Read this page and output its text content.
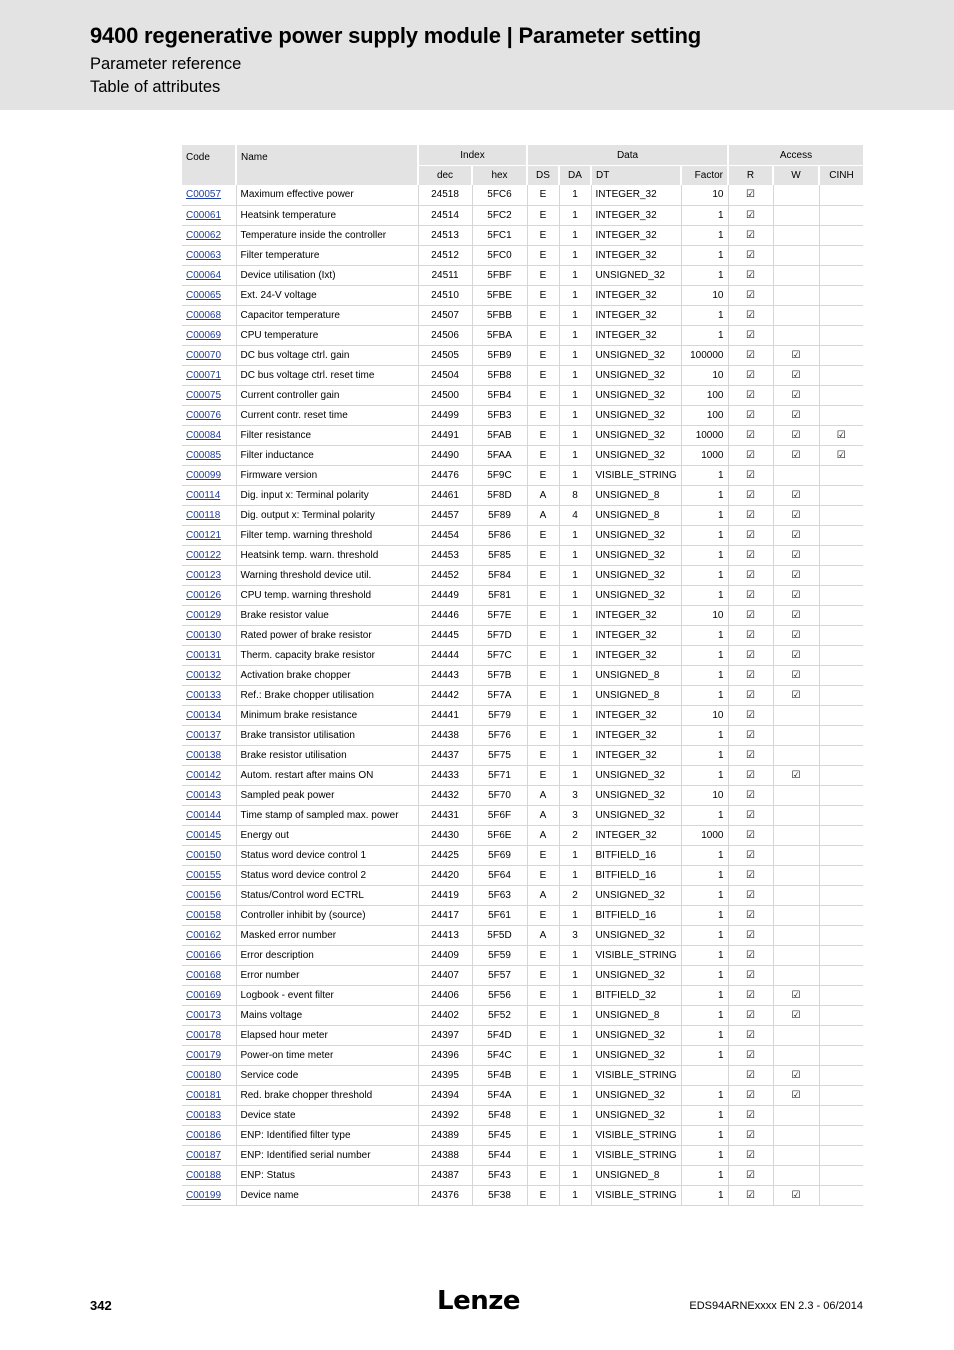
9400 regenerative power supply module | Parameter setting
Parameter reference
Table of attributes
Code	Name	Index		Data				Access		
		dec	hex	DS	DA	DT	Factor	R	W	CINH
C00057	Maximum effective power	24518	5FC6	E	1	INTEGER_32	10	☑		
C00061	Heatsink temperature	24514	5FC2	E	1	INTEGER_32	1	☑		
C00062	Temperature inside the controller	24513	5FC1	E	1	INTEGER_32	1	☑		
C00063	Filter temperature	24512	5FC0	E	1	INTEGER_32	1	☑		
C00064	Device utilisation (Ixt)	24511	5FBF	E	1	UNSIGNED_32	1	☑		
C00065	Ext. 24-V voltage	24510	5FBE	E	1	INTEGER_32	10	☑		
C00068	Capacitor temperature	24507	5FBB	E	1	INTEGER_32	1	☑		
C00069	CPU temperature	24506	5FBA	E	1	INTEGER_32	1	☑		
C00070	DC bus voltage ctrl. gain	24505	5FB9	E	1	UNSIGNED_32	100000	☑	☑	
C00071	DC bus voltage ctrl. reset time	24504	5FB8	E	1	UNSIGNED_32	10	☑	☑	
C00075	Current controller gain	24500	5FB4	E	1	UNSIGNED_32	100	☑	☑	
C00076	Current contr. reset time	24499	5FB3	E	1	UNSIGNED_32	100	☑	☑	
C00084	Filter resistance	24491	5FAB	E	1	UNSIGNED_32	10000	☑	☑	☑
C00085	Filter inductance	24490	5FAA	E	1	UNSIGNED_32	1000	☑	☑	☑
C00099	Firmware version	24476	5F9C	E	1	VISIBLE_STRING	1	☑		
C00114	Dig. input x: Terminal polarity	24461	5F8D	A	8	UNSIGNED_8	1	☑	☑	
C00118	Dig. output x: Terminal polarity	24457	5F89	A	4	UNSIGNED_8	1	☑	☑	
C00121	Filter temp. warning threshold	24454	5F86	E	1	UNSIGNED_32	1	☑	☑	
C00122	Heatsink temp. warn. threshold	24453	5F85	E	1	UNSIGNED_32	1	☑	☑	
C00123	Warning threshold device util.	24452	5F84	E	1	UNSIGNED_32	1	☑	☑	
C00126	CPU temp. warning threshold	24449	5F81	E	1	UNSIGNED_32	1	☑	☑	
C00129	Brake resistor value	24446	5F7E	E	1	INTEGER_32	10	☑	☑	
C00130	Rated power of brake resistor	24445	5F7D	E	1	INTEGER_32	1	☑	☑	
C00131	Therm. capacity brake resistor	24444	5F7C	E	1	INTEGER_32	1	☑	☑	
C00132	Activation brake chopper	24443	5F7B	E	1	UNSIGNED_8	1	☑	☑	
C00133	Ref.: Brake chopper utilisation	24442	5F7A	E	1	UNSIGNED_8	1	☑	☑	
C00134	Minimum brake resistance	24441	5F79	E	1	INTEGER_32	10	☑		
C00137	Brake transistor utilisation	24438	5F76	E	1	INTEGER_32	1	☑		
C00138	Brake resistor utilisation	24437	5F75	E	1	INTEGER_32	1	☑		
C00142	Autom. restart after mains ON	24433	5F71	E	1	UNSIGNED_32	1	☑	☑	
C00143	Sampled peak power	24432	5F70	A	3	UNSIGNED_32	10	☑		
C00144	Time stamp of sampled max. power	24431	5F6F	A	3	UNSIGNED_32	1	☑		
C00145	Energy out	24430	5F6E	A	2	INTEGER_32	1000	☑		
C00150	Status word device control 1	24425	5F69	E	1	BITFIELD_16	1	☑		
C00155	Status word device control 2	24420	5F64	E	1	BITFIELD_16	1	☑		
C00156	Status/Control word ECTRL	24419	5F63	A	2	UNSIGNED_32	1	☑		
C00158	Controller inhibit by (source)	24417	5F61	E	1	BITFIELD_16	1	☑		
C00162	Masked error number	24413	5F5D	A	3	UNSIGNED_32	1	☑		
C00166	Error description	24409	5F59	E	1	VISIBLE_STRING	1	☑		
C00168	Error number	24407	5F57	E	1	UNSIGNED_32	1	☑		
C00169	Logbook - event filter	24406	5F56	E	1	BITFIELD_32	1	☑	☑	
C00173	Mains voltage	24402	5F52	E	1	UNSIGNED_8	1	☑	☑	
C00178	Elapsed hour meter	24397	5F4D	E	1	UNSIGNED_32	1	☑		
C00179	Power-on time meter	24396	5F4C	E	1	UNSIGNED_32	1	☑		
C00180	Service code	24395	5F4B	E	1	VISIBLE_STRING		☑	☑	
C00181	Red. brake chopper threshold	24394	5F4A	E	1	UNSIGNED_32	1	☑	☑	
C00183	Device state	24392	5F48	E	1	UNSIGNED_32	1	☑		
C00186	ENP: Identified filter type	24389	5F45	E	1	VISIBLE_STRING	1	☑		
C00187	ENP: Identified serial number	24388	5F44	E	1	VISIBLE_STRING	1	☑		
C00188	ENP: Status	24387	5F43	E	1	UNSIGNED_8	1	☑		
C00199	Device name	24376	5F38	E	1	VISIBLE_STRING	1	☑	☑	
342	Lenze	EDS94ARNExxxx EN 2.3 - 06/2014
